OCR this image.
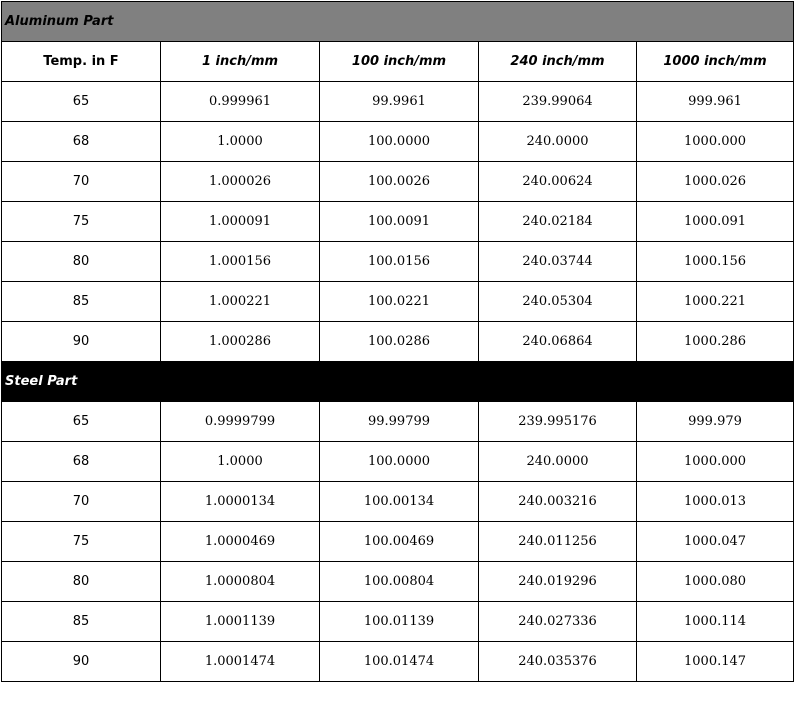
Aluminum Part				
Temp. in F	1 inch/mm	100 inch/mm	240 inch/mm	1000 inch/mm
65	0.999961	99.9961	239.99064	999.961
68	1.0000	100.0000	240.0000	1000.000
70	1.000026	100.0026	240.00624	1000.026
75	1.000091	100.0091	240.02184	1000.091
80	1.000156	100.0156	240.03744	1000.156
85	1.000221	100.0221	240.05304	1000.221
90	1.000286	100.0286	240.06864	1000.286
Steel Part				
65	0.9999799	99.99799	239.995176	999.979
68	1.0000	100.0000	240.0000	1000.000
70	1.0000134	100.00134	240.003216	1000.013
75	1.0000469	100.00469	240.011256	1000.047
80	1.0000804	100.00804	240.019296	1000.080
85	1.0001139	100.01139	240.027336	1000.114
90	1.0001474	100.01474	240.035376	1000.147
